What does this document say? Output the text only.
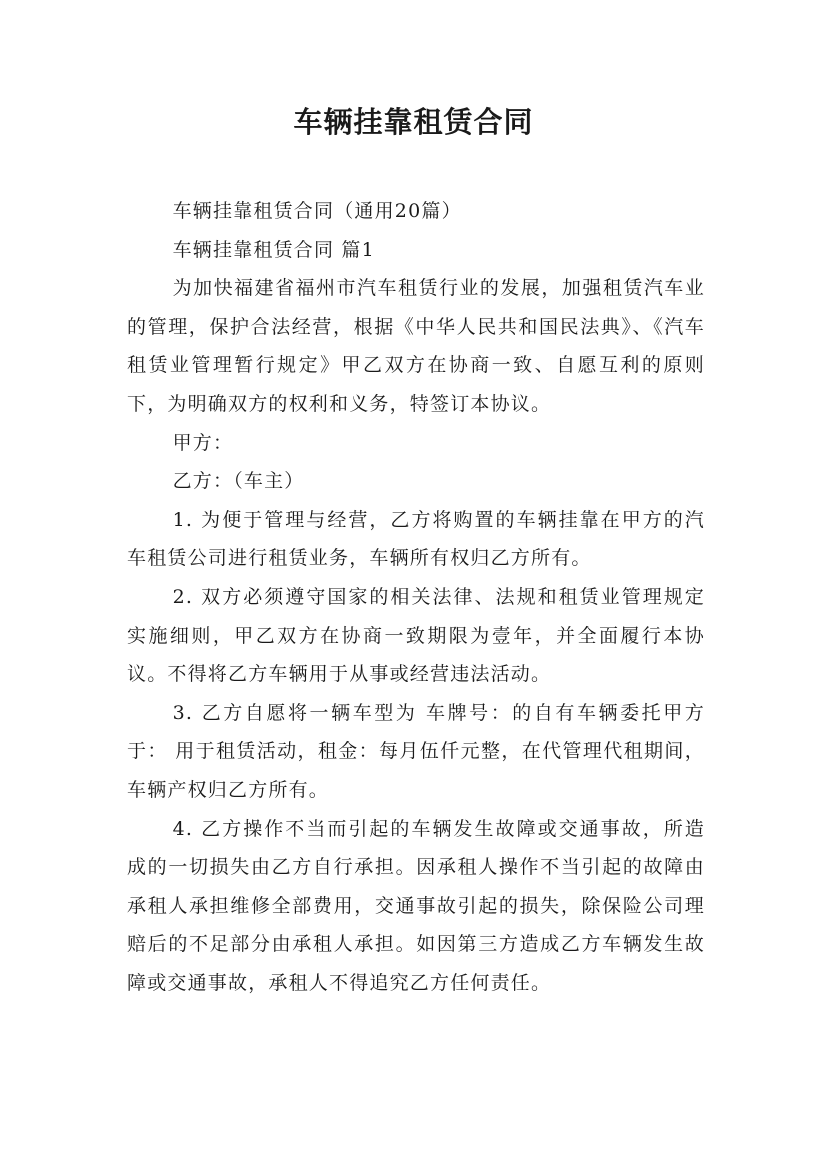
车辆挂靠租赁合同

车辆挂靠租赁合同（通用20篇）

车辆挂靠租赁合同 篇1

为加快福建省福州市汽车租赁行业的发展，加强租赁汽车业的管理，保护合法经营，根据《中华人民共和国民法典》、《汽车租赁业管理暂行规定》甲乙双方在协商一致、自愿互利的原则下，为明确双方的权利和义务，特签订本协议。

甲方：

乙方：（车主）

1. 为便于管理与经营，乙方将购置的车辆挂靠在甲方的汽车租赁公司进行租赁业务，车辆所有权归乙方所有。

2. 双方必须遵守国家的相关法律、法规和租赁业管理规定实施细则，甲乙双方在协商一致期限为壹年，并全面履行本协议。不得将乙方车辆用于从事或经营违法活动。

3. 乙方自愿将一辆车型为 车牌号：的自有车辆委托甲方于： 用于租赁活动，租金：每月伍仟元整，在代管理代租期间，车辆产权归乙方所有。

4. 乙方操作不当而引起的车辆发生故障或交通事故，所造成的一切损失由乙方自行承担。因承租人操作不当引起的故障由承租人承担维修全部费用，交通事故引起的损失，除保险公司理赔后的不足部分由承租人承担。如因第三方造成乙方车辆发生故障或交通事故，承租人不得追究乙方任何责任。
